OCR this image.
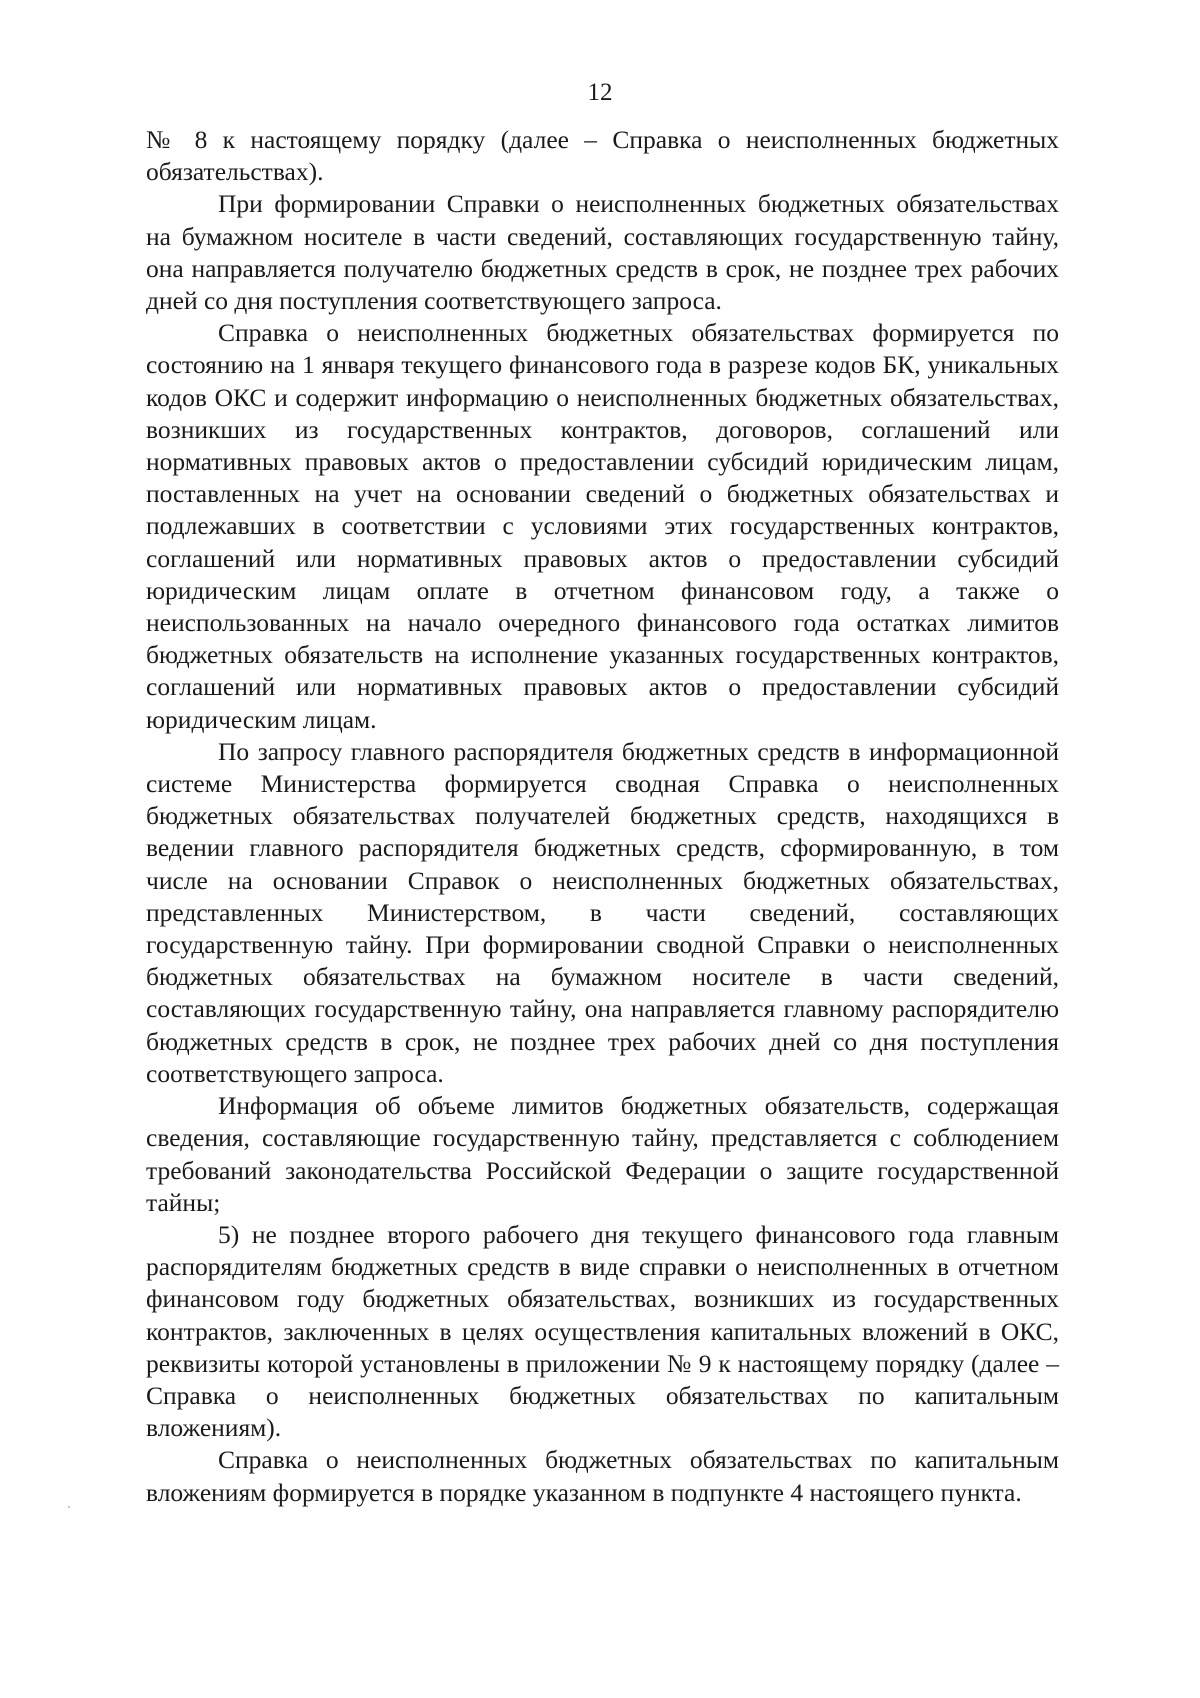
12

№ 8 к настоящему порядку (далее – Справка о неисполненных бюджетных обязательствах).

При формировании Справки о неисполненных бюджетных обязательствах на бумажном носителе в части сведений, составляющих государственную тайну, она направляется получателю бюджетных средств в срок, не позднее трех рабочих дней со дня поступления соответствующего запроса.

Справка о неисполненных бюджетных обязательствах формируется по состоянию на 1 января текущего финансового года в разрезе кодов БК, уникальных кодов ОКС и содержит информацию о неисполненных бюджетных обязательствах, возникших из государственных контрактов, договоров, соглашений или нормативных правовых актов о предоставлении субсидий юридическим лицам, поставленных на учет на основании сведений о бюджетных обязательствах и подлежавших в соответствии с условиями этих государственных контрактов, соглашений или нормативных правовых актов о предоставлении субсидий юридическим лицам оплате в отчетном финансовом году, а также о неиспользованных на начало очередного финансового года остатках лимитов бюджетных обязательств на исполнение указанных государственных контрактов, соглашений или нормативных правовых актов о предоставлении субсидий юридическим лицам.

По запросу главного распорядителя бюджетных средств в информационной системе Министерства формируется сводная Справка о неисполненных бюджетных обязательствах получателей бюджетных средств, находящихся в ведении главного распорядителя бюджетных средств, сформированную, в том числе на основании Справок о неисполненных бюджетных обязательствах, представленных Министерством, в части сведений, составляющих государственную тайну. При формировании сводной Справки о неисполненных бюджетных обязательствах на бумажном носителе в части сведений, составляющих государственную тайну, она направляется главному распорядителю бюджетных средств в срок, не позднее трех рабочих дней со дня поступления соответствующего запроса.

Информация об объеме лимитов бюджетных обязательств, содержащая сведения, составляющие государственную тайну, представляется с соблюдением требований законодательства Российской Федерации о защите государственной тайны;

5) не позднее второго рабочего дня текущего финансового года главным распорядителям бюджетных средств в виде справки о неисполненных в отчетном финансовом году бюджетных обязательствах, возникших из государственных контрактов, заключенных в целях осуществления капитальных вложений в ОКС, реквизиты которой установлены в приложении № 9 к настоящему порядку (далее – Справка о неисполненных бюджетных обязательствах по капитальным вложениям).

Справка о неисполненных бюджетных обязательствах по капитальным вложениям формируется в порядке указанном в подпункте 4 настоящего пункта.
